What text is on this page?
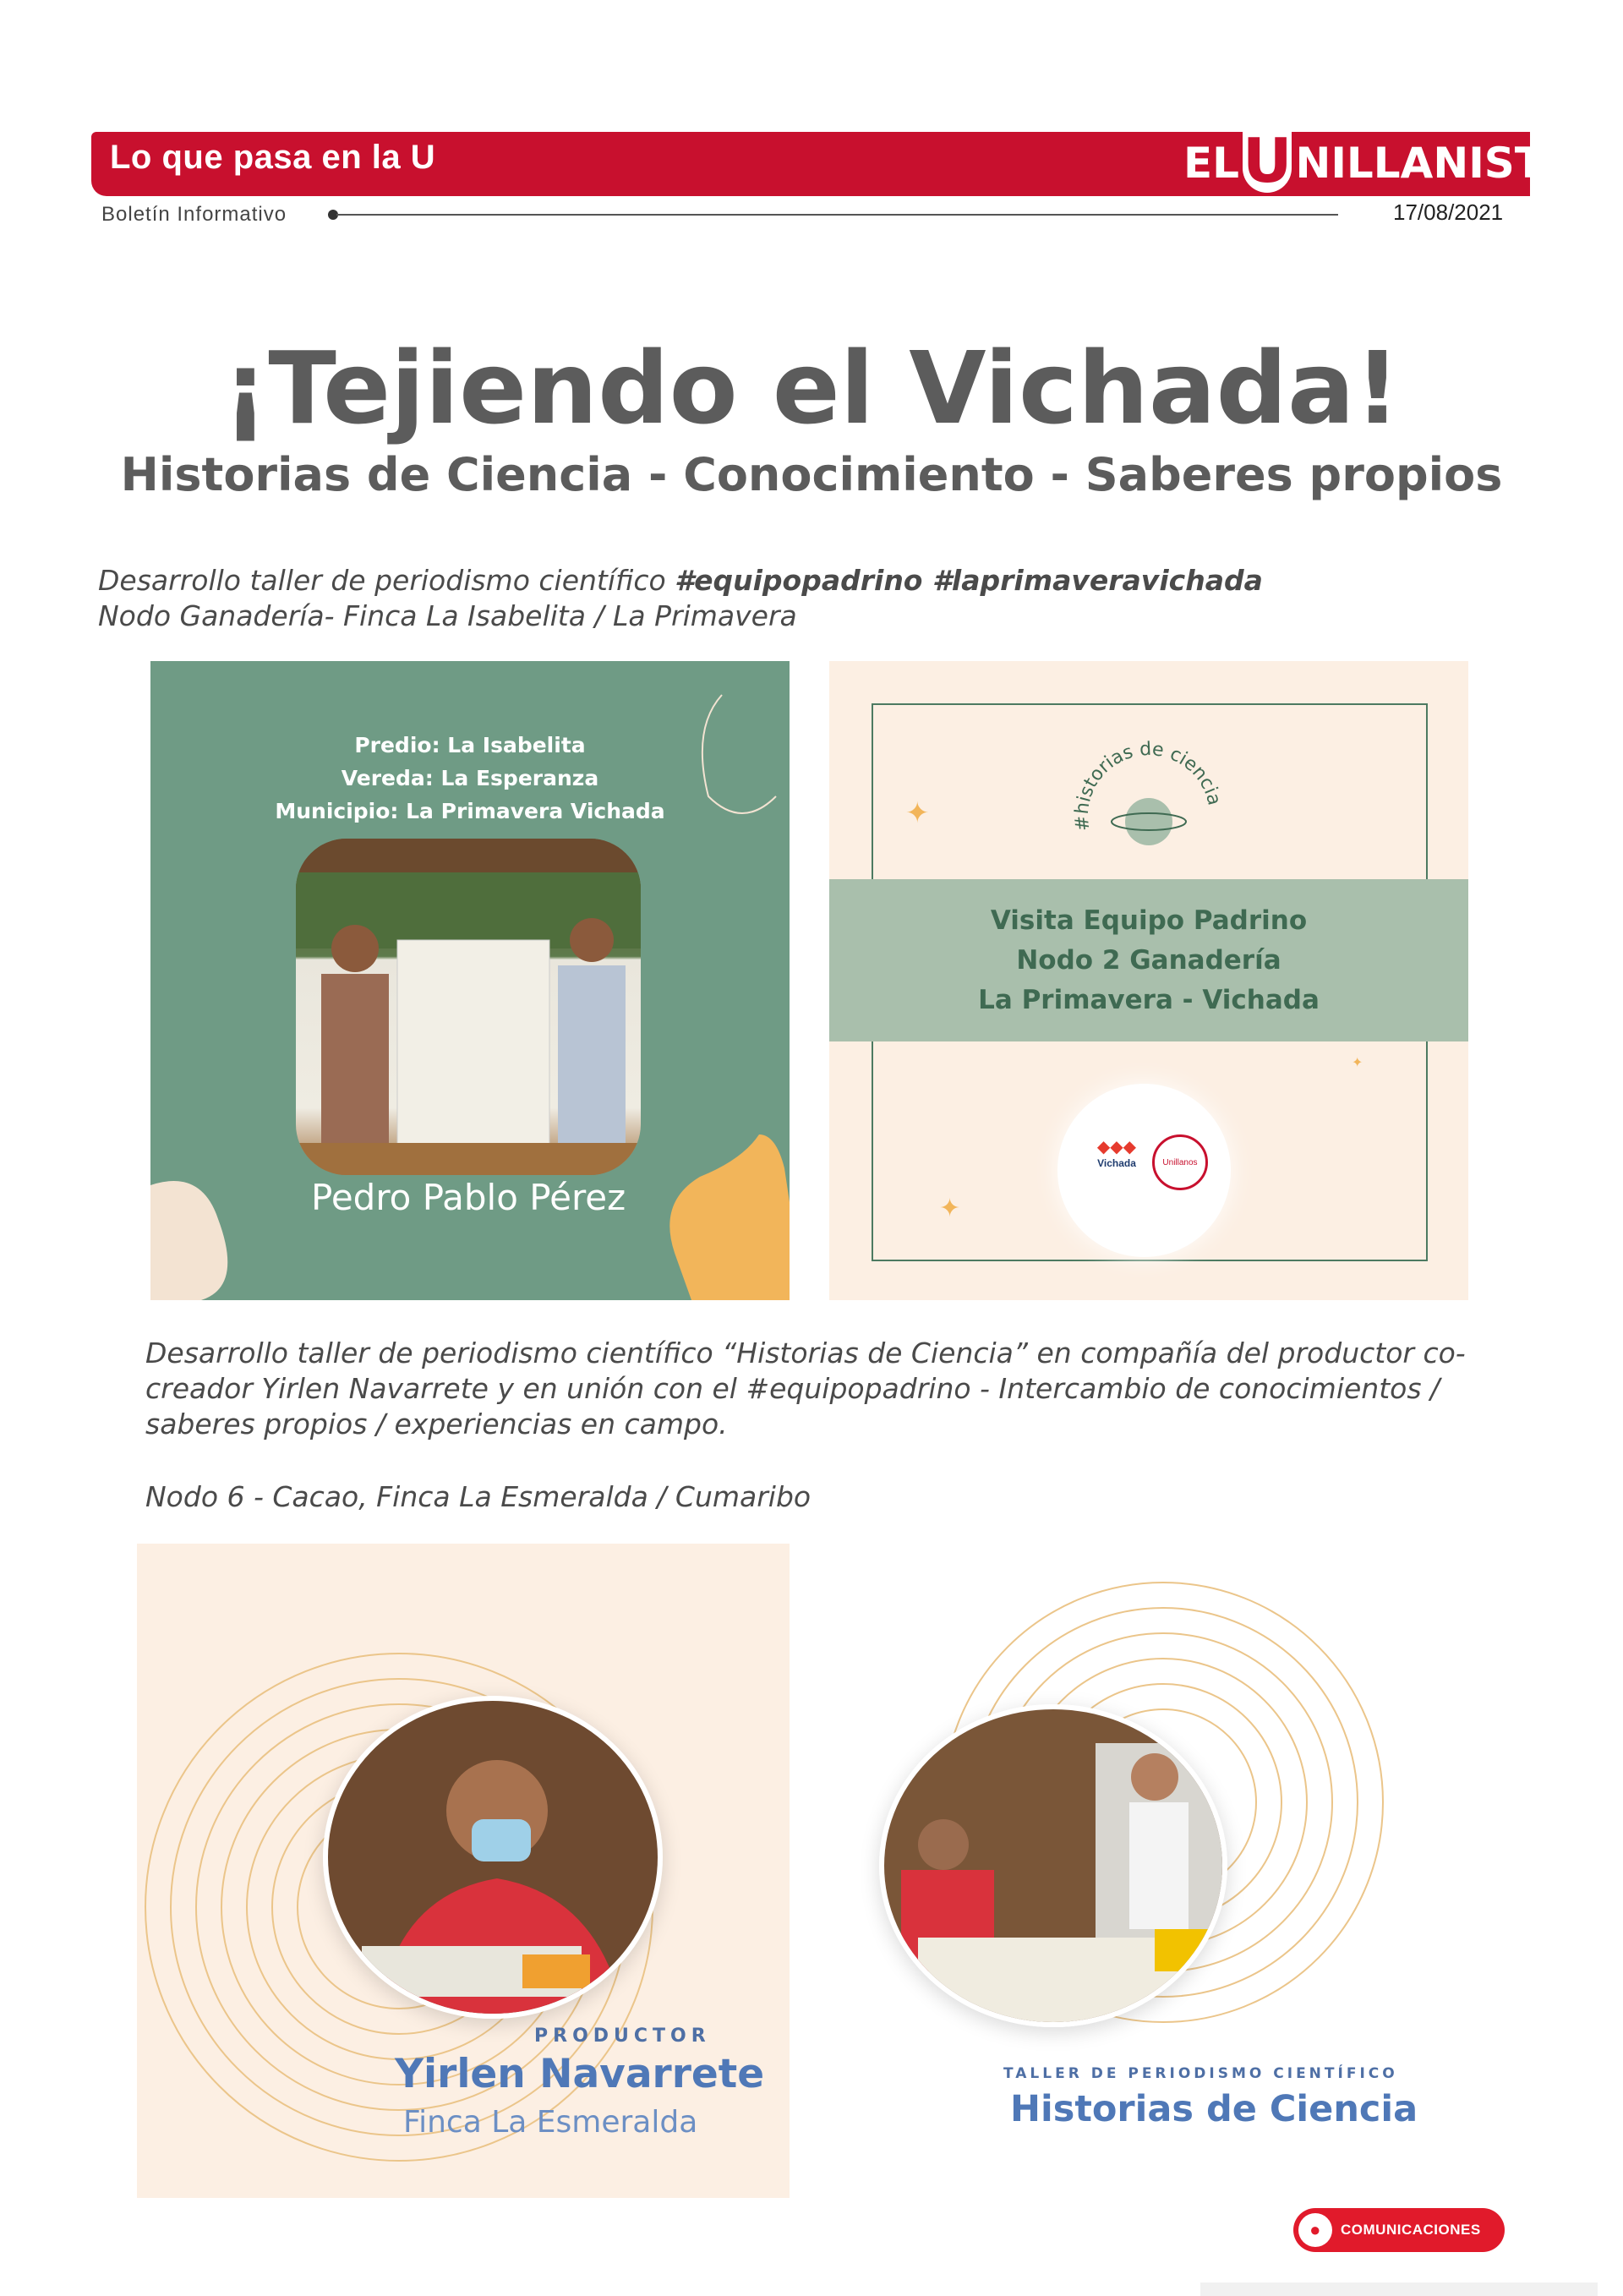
Lo que pasa en la U	EL U NILLANISTA
Boletín Informativo	17/08/2021
¡Tejiendo el Vichada!
Historias de Ciencia - Conocimiento - Saberes propios
Desarrollo taller de periodismo científico #equipopadrino #laprimaveravichada
Nodo Ganadería- Finca La Isabelita / La Primavera
Predio: La Isabelita
Vereda: La Esperanza
Municipio: La Primavera Vichada
Pedro Pablo Pérez
#historias de ciencia
Visita Equipo Padrino
Nodo 2 Ganadería
La Primavera - Vichada
✦
✦
✦
◆◆◆
Vichada	Unillanos
Desarrollo taller de periodismo científico “Historias de Ciencia” en compañía del productor co-creador Yirlen Navarrete y en unión con el #equipopadrino - Intercambio de conocimientos / saberes propios / experiencias en campo.
Nodo 6 - Cacao, Finca La Esmeralda / Cumaribo
PRODUCTOR
Yirlen Navarrete
Finca La Esmeralda
TALLER DE PERIODISMO CIENTÍFICO
Historias de Ciencia
●	COMUNICACIONES
